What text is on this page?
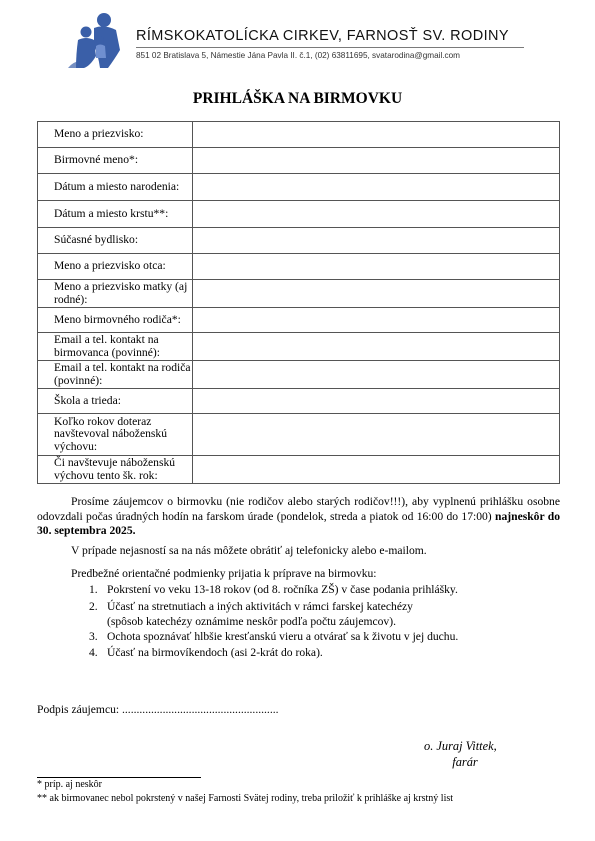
RÍMSKOKATOLÍCKA CIRKEV, FARNOSŤ SV. RODINY
851 02 Bratislava 5, Námestie Jána Pavla II. č.1, (02) 63811695, svatarodina@gmail.com
PRIHLÁŠKA NA BIRMOVKU
Meno a priezvisko:	
Birmovné meno*:	
Dátum a miesto narodenia:	
Dátum a miesto krstu**:	
Súčasné bydlisko:	
Meno a priezvisko otca:	
Meno a priezvisko matky (aj rodné):	
Meno birmovného rodiča*:	
Email a tel. kontakt na birmovanca (povinné):	
Email a tel. kontakt na rodiča (povinné):	
Škola a trieda:	
Koľko rokov doteraz navštevoval náboženskú výchovu:	
Či navštevuje náboženskú výchovu tento šk. rok:	
Prosíme záujemcov o birmovku (nie rodičov alebo starých rodičov!!!), aby vyplnenú prihlášku osobne odovzdali počas úradných hodín na farskom úrade (pondelok, streda a piatok od 16:00 do 17:00) najneskôr do 30. septembra 2025.
V prípade nejasností sa na nás môžete obrátiť aj telefonicky alebo e-mailom.
Predbežné orientačné podmienky prijatia k príprave na birmovku:
1. Pokrstení vo veku 13-18 rokov (od 8. ročníka ZŠ) v čase podania prihlášky.
2. Účasť na stretnutiach a iných aktivitách v rámci farskej katechézy
(spôsob katechézy oznámime neskôr podľa počtu záujemcov).
3. Ochota spoznávať hlbšie kresťanskú vieru a otvárať sa k životu v jej duchu.
4. Účasť na birmovíkendoch (asi 2-krát do roka).
Podpis záujemcu: ......................................................
o. Juraj Vittek,
farár
* príp. aj neskôr
** ak birmovanec nebol pokrstený v našej Farnosti Svätej rodiny, treba priložiť k prihláške aj krstný list
